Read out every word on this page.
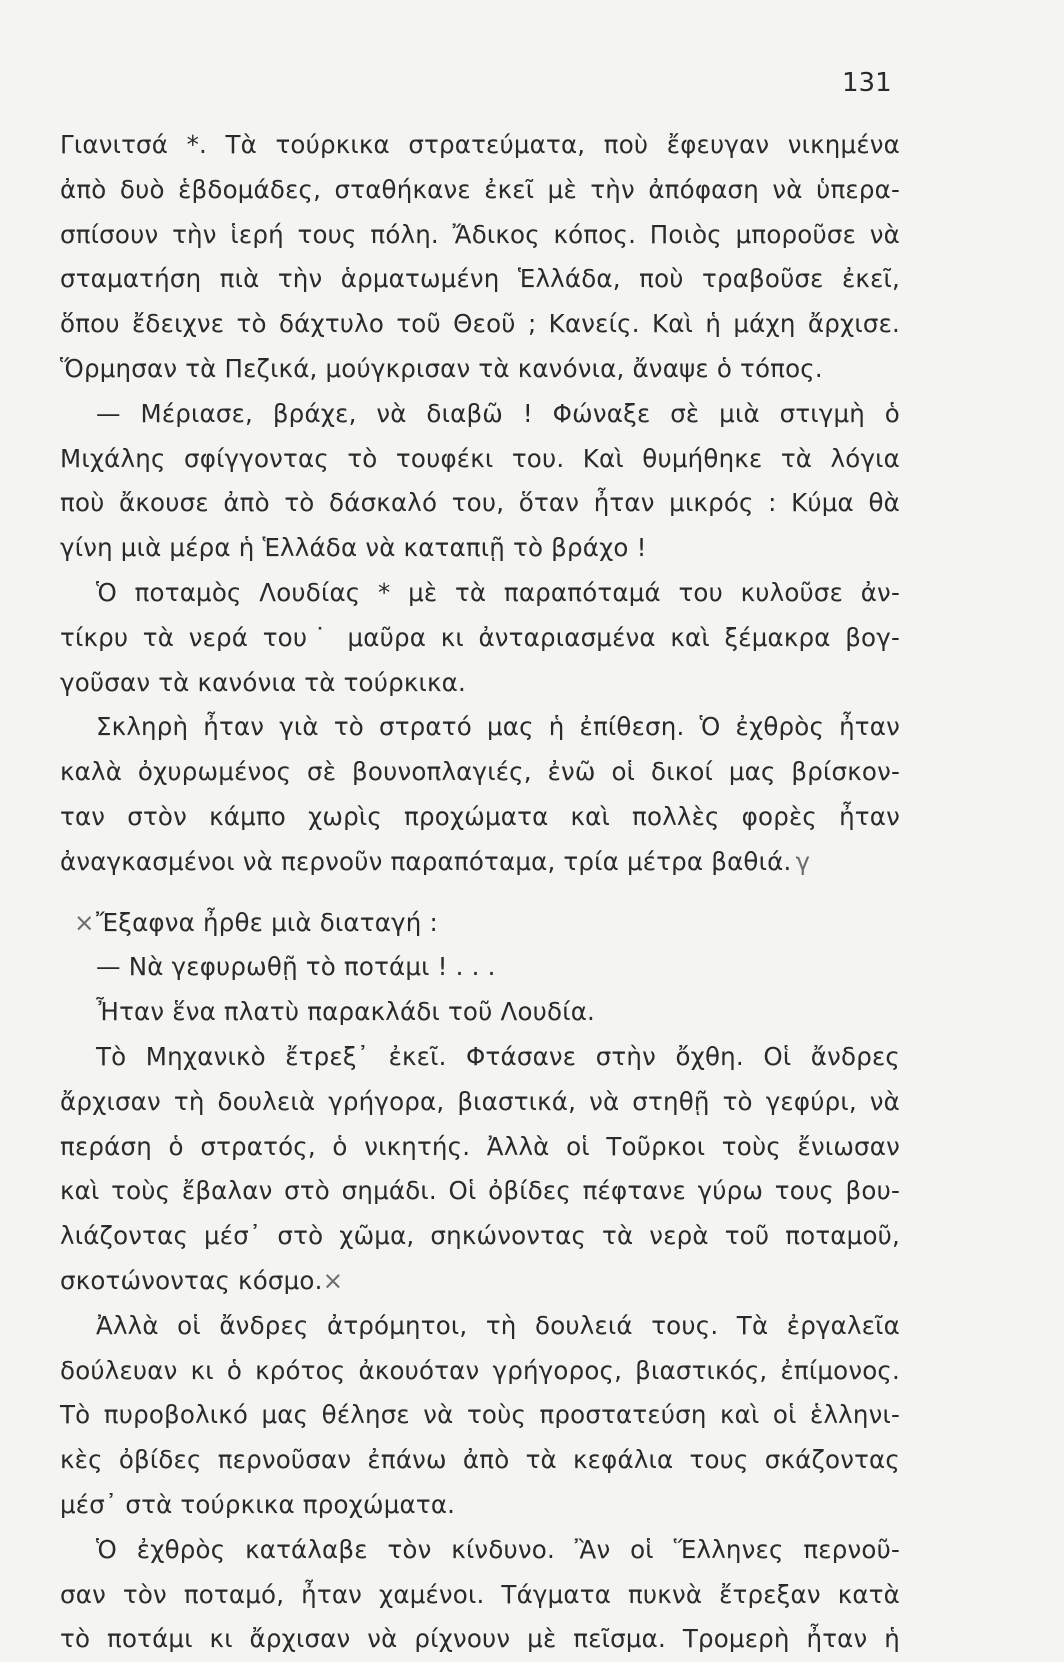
131
Γιανιτσά *. Τὰ τούρκικα στρατεύματα, ποὺ ἔφευγαν νικημένα
ἀπὸ δυὸ ἑβδομάδες, σταθήκανε ἐκεῖ μὲ τὴν ἀπόφαση νὰ ὑπερα-
σπίσουν τὴν ἱερή τους πόλη. Ἄδικος κόπος. Ποιὸς μποροῦσε νὰ
σταματήση πιὰ τὴν ἁρματωμένη Ἑλλάδα, ποὺ τραβοῦσε ἐκεῖ,
ὅπου ἔδειχνε τὸ δάχτυλο τοῦ Θεοῦ ; Κανείς. Καὶ ἡ μάχη ἄρχισε.
Ὅρμησαν τὰ Πεζικά, μούγκρισαν τὰ κανόνια, ἄναψε ὁ τόπος.
— Μέριασε, βράχε, νὰ διαβῶ ! Φώναξε σὲ μιὰ στιγμὴ ὁ
Μιχάλης σφίγγοντας τὸ τουφέκι του. Καὶ θυμήθηκε τὰ λόγια
ποὺ ἄκουσε ἀπὸ τὸ δάσκαλό του, ὅταν ἦταν μικρός : Κύμα θὰ
γίνη μιὰ μέρα ἡ Ἑλλάδα νὰ καταπιῇ τὸ βράχο !
Ὁ ποταμὸς Λουδίας * μὲ τὰ παραπόταμά του κυλοῦσε ἀν-
τίκρυ τὰ νερά του˙ μαῦρα κι ἀνταριασμένα καὶ ξέμακρα βογ-
γοῦσαν τὰ κανόνια τὰ τούρκικα.
Σκληρὴ ἦταν γιὰ τὸ στρατό μας ἡ ἐπίθεση. Ὁ ἐχθρὸς ἦταν
καλὰ ὀχυρωμένος σὲ βουνοπλαγιές, ἐνῶ οἱ δικοί μας βρίσκον-
ταν στὸν κάμπο χωρὶς προχώματα καὶ πολλὲς φορὲς ἦταν
ἀναγκασμένοι νὰ περνοῦν παραπόταμα, τρία μέτρα βαθιά. γ
× Ἔξαφνα ἦρθε μιὰ διαταγή :
— Νὰ γεφυρωθῇ τὸ ποτάμι ! . . .
Ἦταν ἕνα πλατὺ παρακλάδι τοῦ Λουδία.
Τὸ Μηχανικὸ ἔτρεξ᾽ ἐκεῖ. Φτάσανε στὴν ὄχθη. Οἱ ἄνδρες
ἄρχισαν τὴ δουλειὰ γρήγορα, βιαστικά, νὰ στηθῇ τὸ γεφύρι, νὰ
περάση ὁ στρατός, ὁ νικητής. Ἀλλὰ οἱ Τοῦρκοι τοὺς ἔνιωσαν
καὶ τοὺς ἔβαλαν στὸ σημάδι. Οἱ ὀβίδες πέφτανε γύρω τους βου-
λιάζοντας μέσ᾽ στὸ χῶμα, σηκώνοντας τὰ νερὰ τοῦ ποταμοῦ,
σκοτώνοντας κόσμο.×
Ἀλλὰ οἱ ἄνδρες ἀτρόμητοι, τὴ δουλειά τους. Τὰ ἐργαλεῖα
δούλευαν κι ὁ κρότος ἀκουόταν γρήγορος, βιαστικός, ἐπίμονος.
Τὸ πυροβολικό μας θέλησε νὰ τοὺς προστατεύση καὶ οἱ ἑλληνι-
κὲς ὀβίδες περνοῦσαν ἐπάνω ἀπὸ τὰ κεφάλια τους σκάζοντας
μέσ᾽ στὰ τούρκικα προχώματα.
Ὁ ἐχθρὸς κατάλαβε τὸν κίνδυνο. Ἂν οἱ Ἕλληνες περνοῦ-
σαν τὸν ποταμό, ἦταν χαμένοι. Τάγματα πυκνὰ ἔτρεξαν κατὰ
τὸ ποτάμι κι ἄρχισαν νὰ ρίχνουν μὲ πεῖσμα. Τρομερὴ ἦταν ἡ
